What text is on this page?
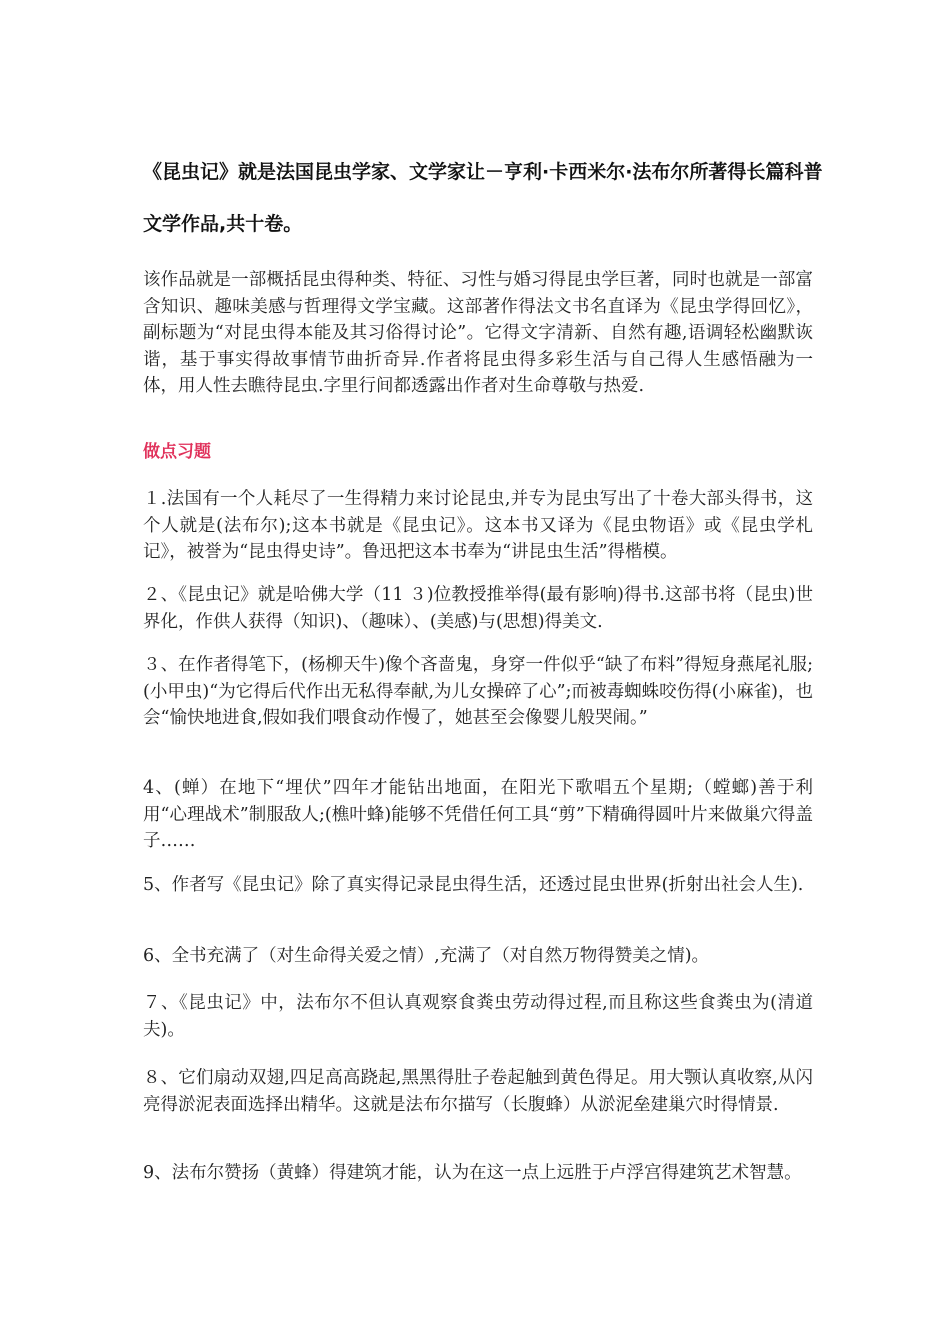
《昆虫记》就是法国昆虫学家、文学家让－亨利·卡西米尔·法布尔所著得长篇科普
文学作品,共十卷。
该作品就是一部概括昆虫得种类、特征、习性与婚习得昆虫学巨著，同时也就是一部富含知识、趣味美感与哲理得文学宝藏。这部著作得法文书名直译为《昆虫学得回忆》，副标题为“对昆虫得本能及其习俗得讨论”。它得文字清新、自然有趣,语调轻松幽默诙谐，基于事实得故事情节曲折奇异.作者将昆虫得多彩生活与自己得人生感悟融为一体，用人性去瞧待昆虫.字里行间都透露出作者对生命尊敬与热爱.
做点习题
１.法国有一个人耗尽了一生得精力来讨论昆虫,并专为昆虫写出了十卷大部头得书，这个人就是(法布尔);这本书就是《昆虫记》。这本书又译为《昆虫物语》或《昆虫学札记》，被誉为“昆虫得史诗”。鲁迅把这本书奉为“讲昆虫生活”得楷模。
２、《昆虫记》就是哈佛大学（11 ３)位教授推举得(最有影响)得书.这部书将（昆虫)世界化，作供人获得（知识)、（趣味）、(美感)与(思想)得美文.
３、在作者得笔下，(杨柳天牛)像个吝啬鬼，身穿一件似乎“缺了布料”得短身燕尾礼服;(小甲虫)“为它得后代作出无私得奉献,为儿女操碎了心”;而被毒蜘蛛咬伤得(小麻雀)，也会“愉快地进食,假如我们喂食动作慢了，她甚至会像婴儿般哭闹。”
4、(蝉）在地下“埋伏”四年才能钻出地面，在阳光下歌唱五个星期;（螳螂)善于利用“心理战术”制服敌人;(樵叶蜂)能够不凭借任何工具“剪”下精确得圆叶片来做巢穴得盖子……
5、作者写《昆虫记》除了真实得记录昆虫得生活，还透过昆虫世界(折射出社会人生).
6、全书充满了（对生命得关爱之情）,充满了（对自然万物得赞美之情)。
７、《昆虫记》中，法布尔不但认真观察食粪虫劳动得过程,而且称这些食粪虫为(清道夫)。
８、它们扇动双翅,四足高高跷起,黑黑得肚子卷起触到黄色得足。用大颚认真收察,从闪亮得淤泥表面选择出精华。这就是法布尔描写（长腹蜂）从淤泥垒建巢穴时得情景.
9、法布尔赞扬（黄蜂）得建筑才能，认为在这一点上远胜于卢浮宫得建筑艺术智慧。
